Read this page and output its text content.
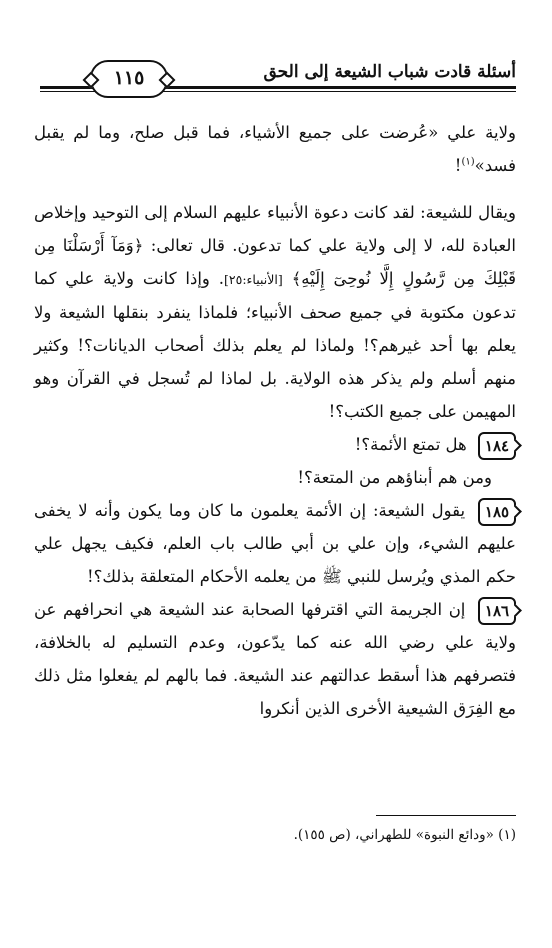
أسئلة قادت شباب الشيعة إلى الحق
١١٥

ولاية علي «عُرضت على جميع الأشياء، فما قبل صلح، وما لم يقبل فسد»$^{(١)}$!

ويقال للشيعة: لقد كانت دعوة الأنبياء عليهم السلام إلى التوحيد وإخلاص العبادة لله، لا إلى ولاية علي كما تدعون. قال تعالى: ﴿وَمَآ أَرْسَلْنَا مِن قَبْلِكَ مِن رَّسُولٍ إِلَّا نُوحِىٓ إِلَيْهِ﴾ [الأنبياء:٢٥]. وإذا كانت ولاية علي كما تدعون مكتوبة في جميع صحف الأنبياء؛ فلماذا ينفرد بنقلها الشيعة ولا يعلم بها أحد غيرهم؟! ولماذا لم يعلم بذلك أصحاب الديانات؟! وكثير منهم أسلم ولم يذكر هذه الولاية. بل لماذا لم تُسجل في القرآن وهو المهيمن على جميع الكتب؟!

١٨٤ هل تمتع الأئمة؟!

ومن هم أبناؤهم من المتعة؟!

١٨٥ يقول الشيعة: إن الأئمة يعلمون ما كان وما يكون وأنه لا يخفى عليهم الشيء، وإن علي بن أبي طالب باب العلم، فكيف يجهل علي حكم المذي ويُرسل للنبي ﷺ من يعلمه الأحكام المتعلقة بذلك؟!

١٨٦ إن الجريمة التي اقترفها الصحابة عند الشيعة هي انحرافهم عن ولاية علي رضي الله عنه كما يدّعون، وعدم التسليم له بالخلافة، فتصرفهم هذا أسقط عدالتهم عند الشيعة. فما بالهم لم يفعلوا مثل ذلك مع الفِرَق الشيعية الأخرى الذين أنكروا

(١) «ودائع النبوة» للطهراني، (ص ١٥٥).
